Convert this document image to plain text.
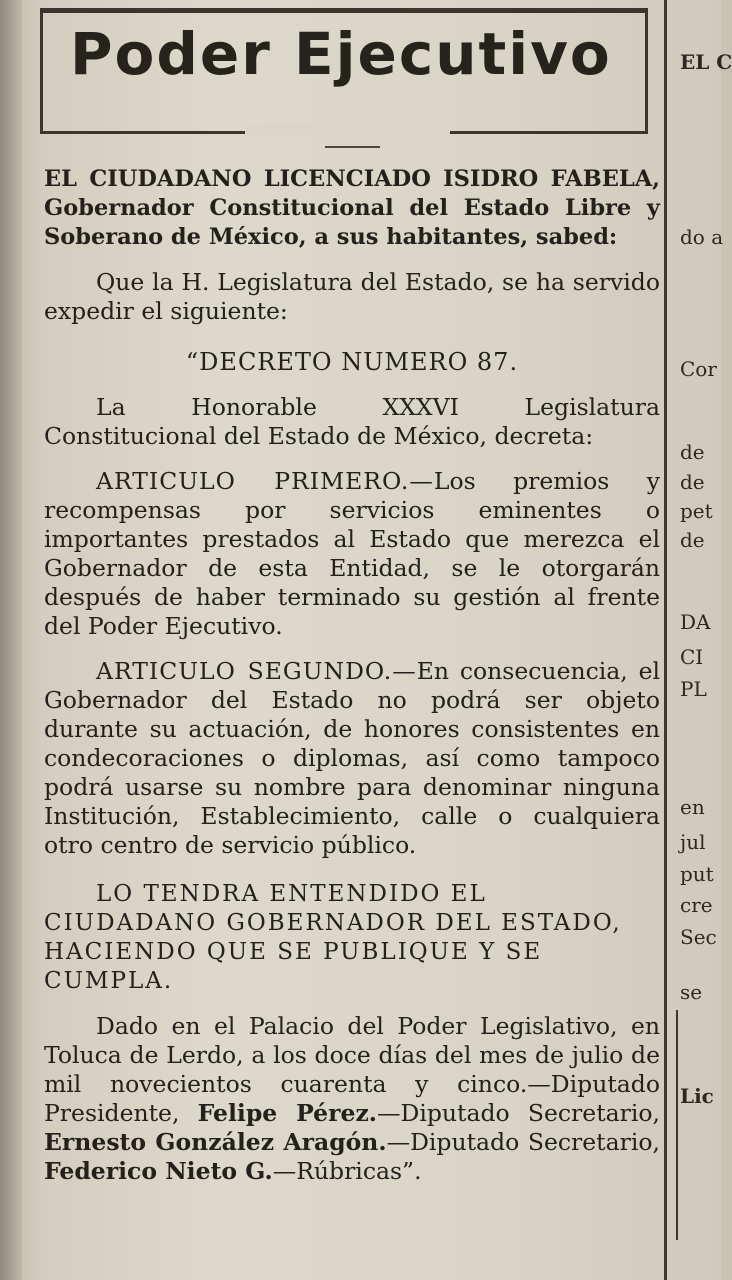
Poder Ejecutivo

EL CIUDADANO LICENCIADO ISIDRO FABELA, Gobernador Constitucional del Estado Libre y Soberano de México, a sus habitantes, sabed:

Que la H. Legislatura del Estado, se ha servido expedir el siguiente:

“DECRETO NUMERO 87.

La Honorable XXXVI Legislatura Constitucional del Estado de México, decreta:

ARTICULO PRIMERO.—Los premios y recompensas por servicios eminentes o importantes prestados al Estado que merezca el Gobernador de esta Entidad, se le otorgarán después de haber terminado su gestión al frente del Poder Ejecutivo.

ARTICULO SEGUNDO.—En consecuencia, el Gobernador del Estado no podrá ser objeto durante su actuación, de honores consistentes en condecoraciones o diplomas, así como tampoco podrá usarse su nombre para denominar ninguna Institución, Establecimiento, calle o cualquiera otro centro de servicio público.

LO TENDRA ENTENDIDO EL CIUDADANO GOBERNADOR DEL ESTADO, HACIENDO QUE SE PUBLIQUE Y SE CUMPLA.

Dado en el Palacio del Poder Legislativo, en Toluca de Lerdo, a los doce días del mes de julio de mil novecientos cuarenta y cinco.—Diputado Presidente, Felipe Pérez.—Diputado Secretario, Ernesto González Aragón.—Diputado Secretario, Federico Nieto G.—Rúbricas”.

EL C
do a
Cor
de
de
pet
de
DA
CI
PL
en
jul
put
cre
Sec
se
Lic
